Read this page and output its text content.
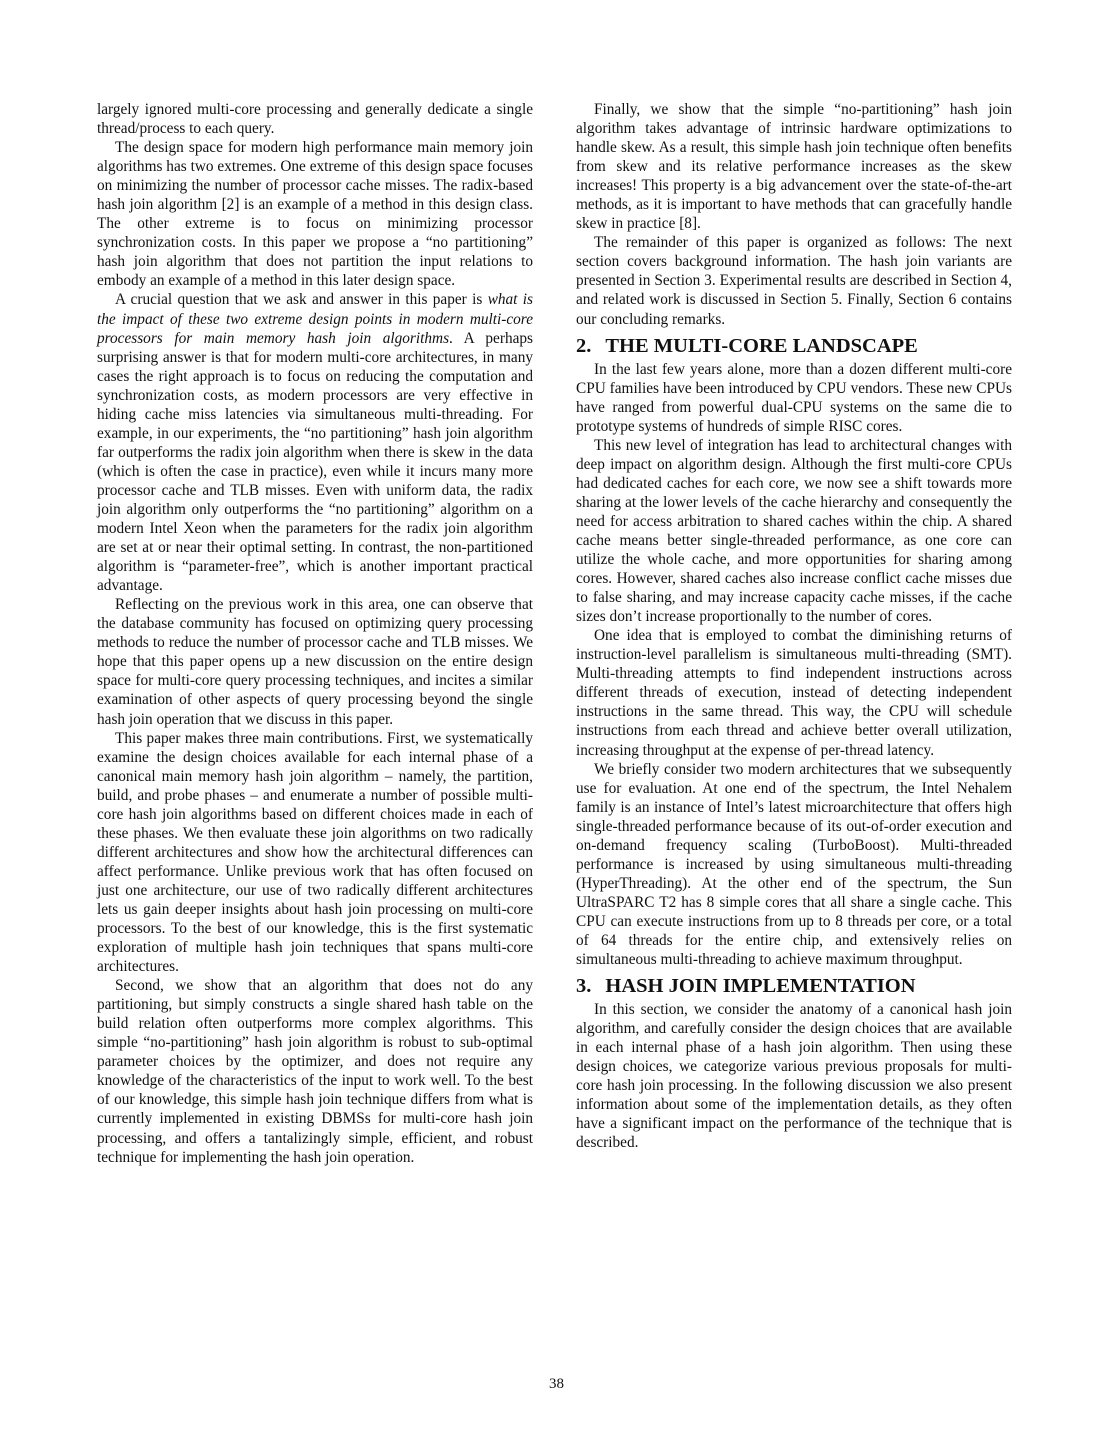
largely ignored multi-core processing and generally dedicate a single thread/process to each query.

The design space for modern high performance main memory join algorithms has two extremes. One extreme of this design space focuses on minimizing the number of processor cache misses. The radix-based hash join algorithm [2] is an example of a method in this design class. The other extreme is to focus on minimizing processor synchronization costs. In this paper we propose a “no partitioning” hash join algorithm that does not partition the input relations to embody an example of a method in this later design space.

A crucial question that we ask and answer in this paper is what is the impact of these two extreme design points in modern multi-core processors for main memory hash join algorithms. A perhaps surprising answer is that for modern multi-core architectures, in many cases the right approach is to focus on reducing the computation and synchronization costs, as modern processors are very effective in hiding cache miss latencies via simultaneous multi-threading. For example, in our experiments, the “no partitioning” hash join algorithm far outperforms the radix join algorithm when there is skew in the data (which is often the case in practice), even while it incurs many more processor cache and TLB misses. Even with uniform data, the radix join algorithm only outperforms the “no partitioning” algorithm on a modern Intel Xeon when the parameters for the radix join algorithm are set at or near their optimal setting. In contrast, the non-partitioned algorithm is “parameter-free”, which is another important practical advantage.

Reflecting on the previous work in this area, one can observe that the database community has focused on optimizing query processing methods to reduce the number of processor cache and TLB misses. We hope that this paper opens up a new discussion on the entire design space for multi-core query processing techniques, and incites a similar examination of other aspects of query processing beyond the single hash join operation that we discuss in this paper.

This paper makes three main contributions. First, we systematically examine the design choices available for each internal phase of a canonical main memory hash join algorithm – namely, the partition, build, and probe phases – and enumerate a number of possible multi-core hash join algorithms based on different choices made in each of these phases. We then evaluate these join algorithms on two radically different architectures and show how the architectural differences can affect performance. Unlike previous work that has often focused on just one architecture, our use of two radically different architectures lets us gain deeper insights about hash join processing on multi-core processors. To the best of our knowledge, this is the first systematic exploration of multiple hash join techniques that spans multi-core architectures.

Second, we show that an algorithm that does not do any partitioning, but simply constructs a single shared hash table on the build relation often outperforms more complex algorithms. This simple “no-partitioning” hash join algorithm is robust to sub-optimal parameter choices by the optimizer, and does not require any knowledge of the characteristics of the input to work well. To the best of our knowledge, this simple hash join technique differs from what is currently implemented in existing DBMSs for multi-core hash join processing, and offers a tantalizingly simple, efficient, and robust technique for implementing the hash join operation.

Finally, we show that the simple “no-partitioning” hash join algorithm takes advantage of intrinsic hardware optimizations to handle skew. As a result, this simple hash join technique often benefits from skew and its relative performance increases as the skew increases! This property is a big advancement over the state-of-the-art methods, as it is important to have methods that can gracefully handle skew in practice [8].

The remainder of this paper is organized as follows: The next section covers background information. The hash join variants are presented in Section 3. Experimental results are described in Section 4, and related work is discussed in Section 5. Finally, Section 6 contains our concluding remarks.

2. THE MULTI-CORE LANDSCAPE

In the last few years alone, more than a dozen different multi-core CPU families have been introduced by CPU vendors. These new CPUs have ranged from powerful dual-CPU systems on the same die to prototype systems of hundreds of simple RISC cores.

This new level of integration has lead to architectural changes with deep impact on algorithm design. Although the first multi-core CPUs had dedicated caches for each core, we now see a shift towards more sharing at the lower levels of the cache hierarchy and consequently the need for access arbitration to shared caches within the chip. A shared cache means better single-threaded performance, as one core can utilize the whole cache, and more opportunities for sharing among cores. However, shared caches also increase conflict cache misses due to false sharing, and may increase capacity cache misses, if the cache sizes don’t increase proportionally to the number of cores.

One idea that is employed to combat the diminishing returns of instruction-level parallelism is simultaneous multi-threading (SMT). Multi-threading attempts to find independent instructions across different threads of execution, instead of detecting independent instructions in the same thread. This way, the CPU will schedule instructions from each thread and achieve better overall utilization, increasing throughput at the expense of per-thread latency.

We briefly consider two modern architectures that we subsequently use for evaluation. At one end of the spectrum, the Intel Nehalem family is an instance of Intel’s latest microarchitecture that offers high single-threaded performance because of its out-of-order execution and on-demand frequency scaling (TurboBoost). Multi-threaded performance is increased by using simultaneous multi-threading (HyperThreading). At the other end of the spectrum, the Sun UltraSPARC T2 has 8 simple cores that all share a single cache. This CPU can execute instructions from up to 8 threads per core, or a total of 64 threads for the entire chip, and extensively relies on simultaneous multi-threading to achieve maximum throughput.

3. HASH JOIN IMPLEMENTATION

In this section, we consider the anatomy of a canonical hash join algorithm, and carefully consider the design choices that are available in each internal phase of a hash join algorithm. Then using these design choices, we categorize various previous proposals for multi-core hash join processing. In the following discussion we also present information about some of the implementation details, as they often have a significant impact on the performance of the technique that is described.

38
